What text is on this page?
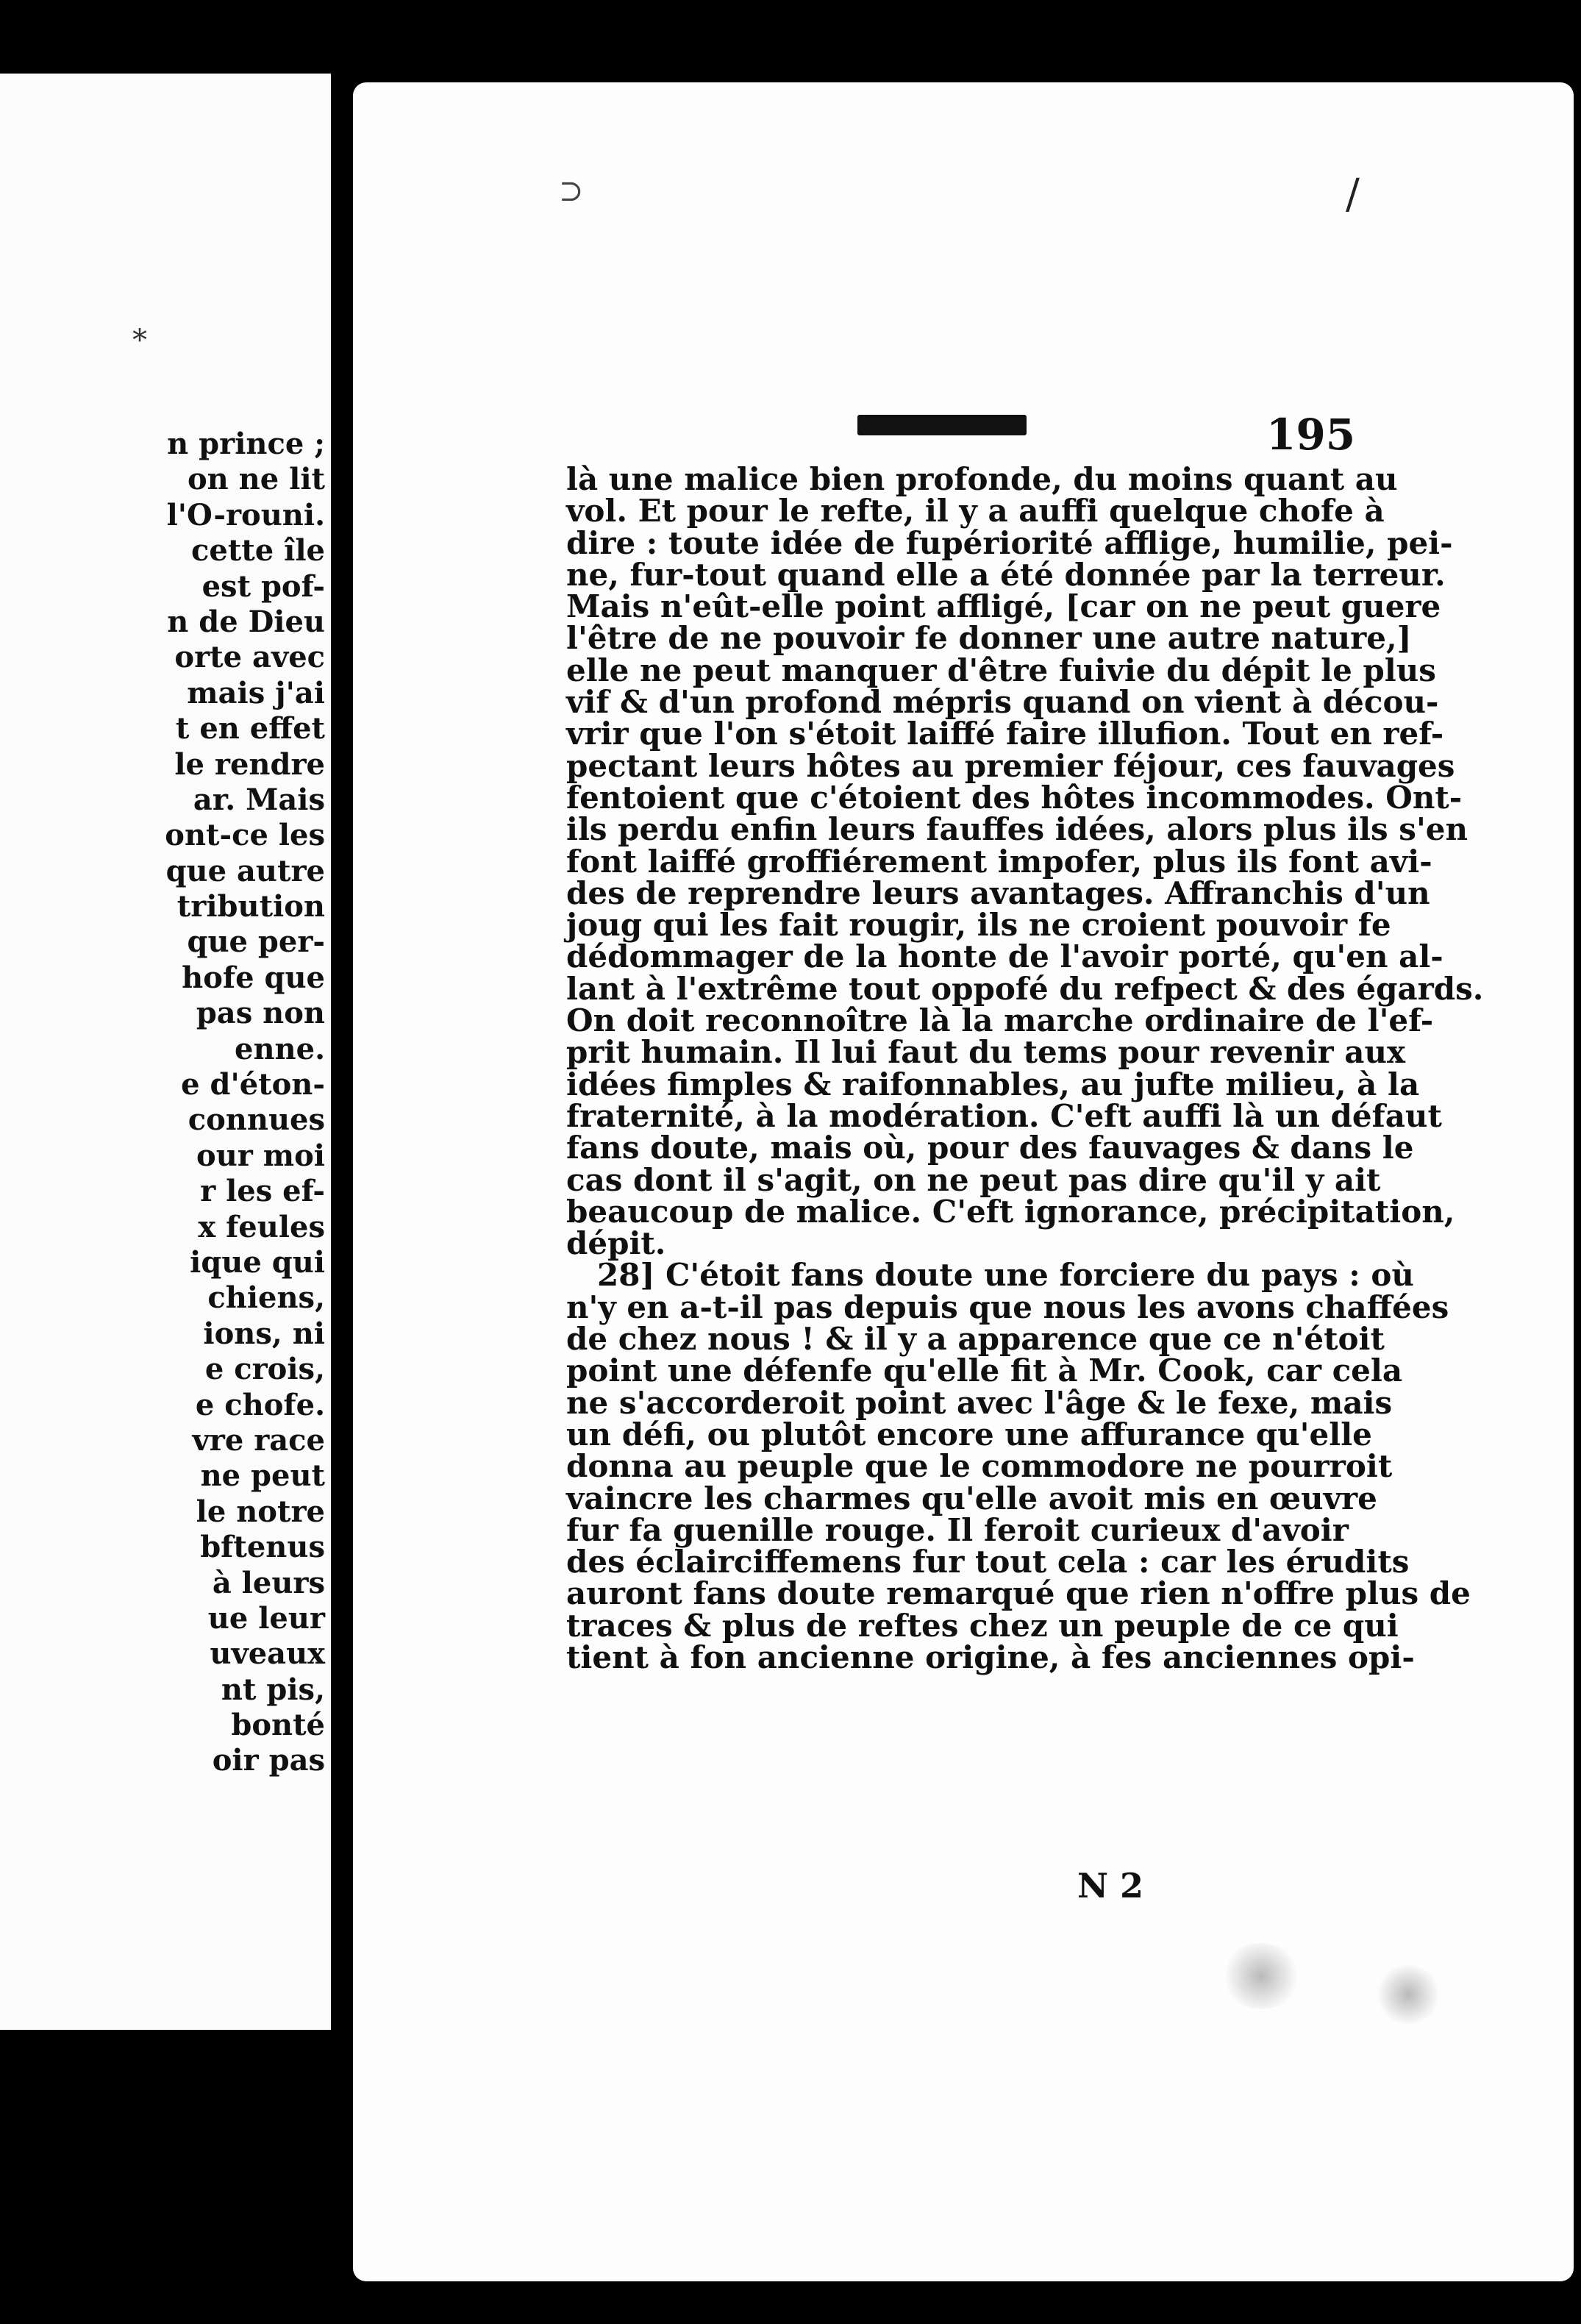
*
n prince ;
on ne lit
l'O-rouni.
cette île
est pof-
n de Dieu
orte avec
mais j'ai
t en effet
le rendre
ar. Mais
ont-ce les
que autre
tribution
que per-
hofe que
pas non
enne.
e d'éton-
connues
our moi
r les ef-
x feules
ique qui
chiens,
ions, ni
e crois,
e chofe.
vre race
ne peut
le notre
bftenus
à leurs
ue leur
uveaux
nt pis,
bonté
oir pas
⊃	/
195
là une malice bien profonde, du moins quant au
vol. Et pour le refte, il y a auffi quelque chofe à
dire : toute idée de fupériorité afflige, humilie, pei-
ne, fur-tout quand elle a été donnée par la terreur.
Mais n'eût-elle point affligé, [car on ne peut guere
l'être de ne pouvoir fe donner une autre nature,]
elle ne peut manquer d'être fuivie du dépit le plus
vif & d'un profond mépris quand on vient à décou-
vrir que l'on s'étoit laiffé faire illufion. Tout en ref-
pectant leurs hôtes au premier féjour, ces fauvages
fentoient que c'étoient des hôtes incommodes. Ont-
ils perdu enfin leurs fauffes idées, alors plus ils s'en
font laiffé groffiérement impofer, plus ils font avi-
des de reprendre leurs avantages. Affranchis d'un
joug qui les fait rougir, ils ne croient pouvoir fe
dédommager de la honte de l'avoir porté, qu'en al-
lant à l'extrême tout oppofé du refpect & des égards.
On doit reconnoître là la marche ordinaire de l'ef-
prit humain. Il lui faut du tems pour revenir aux
idées fimples & raifonnables, au jufte milieu, à la
fraternité, à la modération. C'eft auffi là un défaut
fans doute, mais où, pour des fauvages & dans le
cas dont il s'agit, on ne peut pas dire qu'il y ait
beaucoup de malice. C'eft ignorance, précipitation,
dépit.
28] C'étoit fans doute une forciere du pays : où
n'y en a-t-il pas depuis que nous les avons chaffées
de chez nous ! & il y a apparence que ce n'étoit
point une défenfe qu'elle fit à Mr. Cook, car cela
ne s'accorderoit point avec l'âge & le fexe, mais
un défi, ou plutôt encore une affurance qu'elle
donna au peuple que le commodore ne pourroit
vaincre les charmes qu'elle avoit mis en œuvre
fur fa guenille rouge. Il feroit curieux d'avoir
des éclairciffemens fur tout cela : car les érudits
auront fans doute remarqué que rien n'offre plus de
traces & plus de reftes chez un peuple de ce qui
tient à fon ancienne origine, à fes anciennes opi-
N 2
